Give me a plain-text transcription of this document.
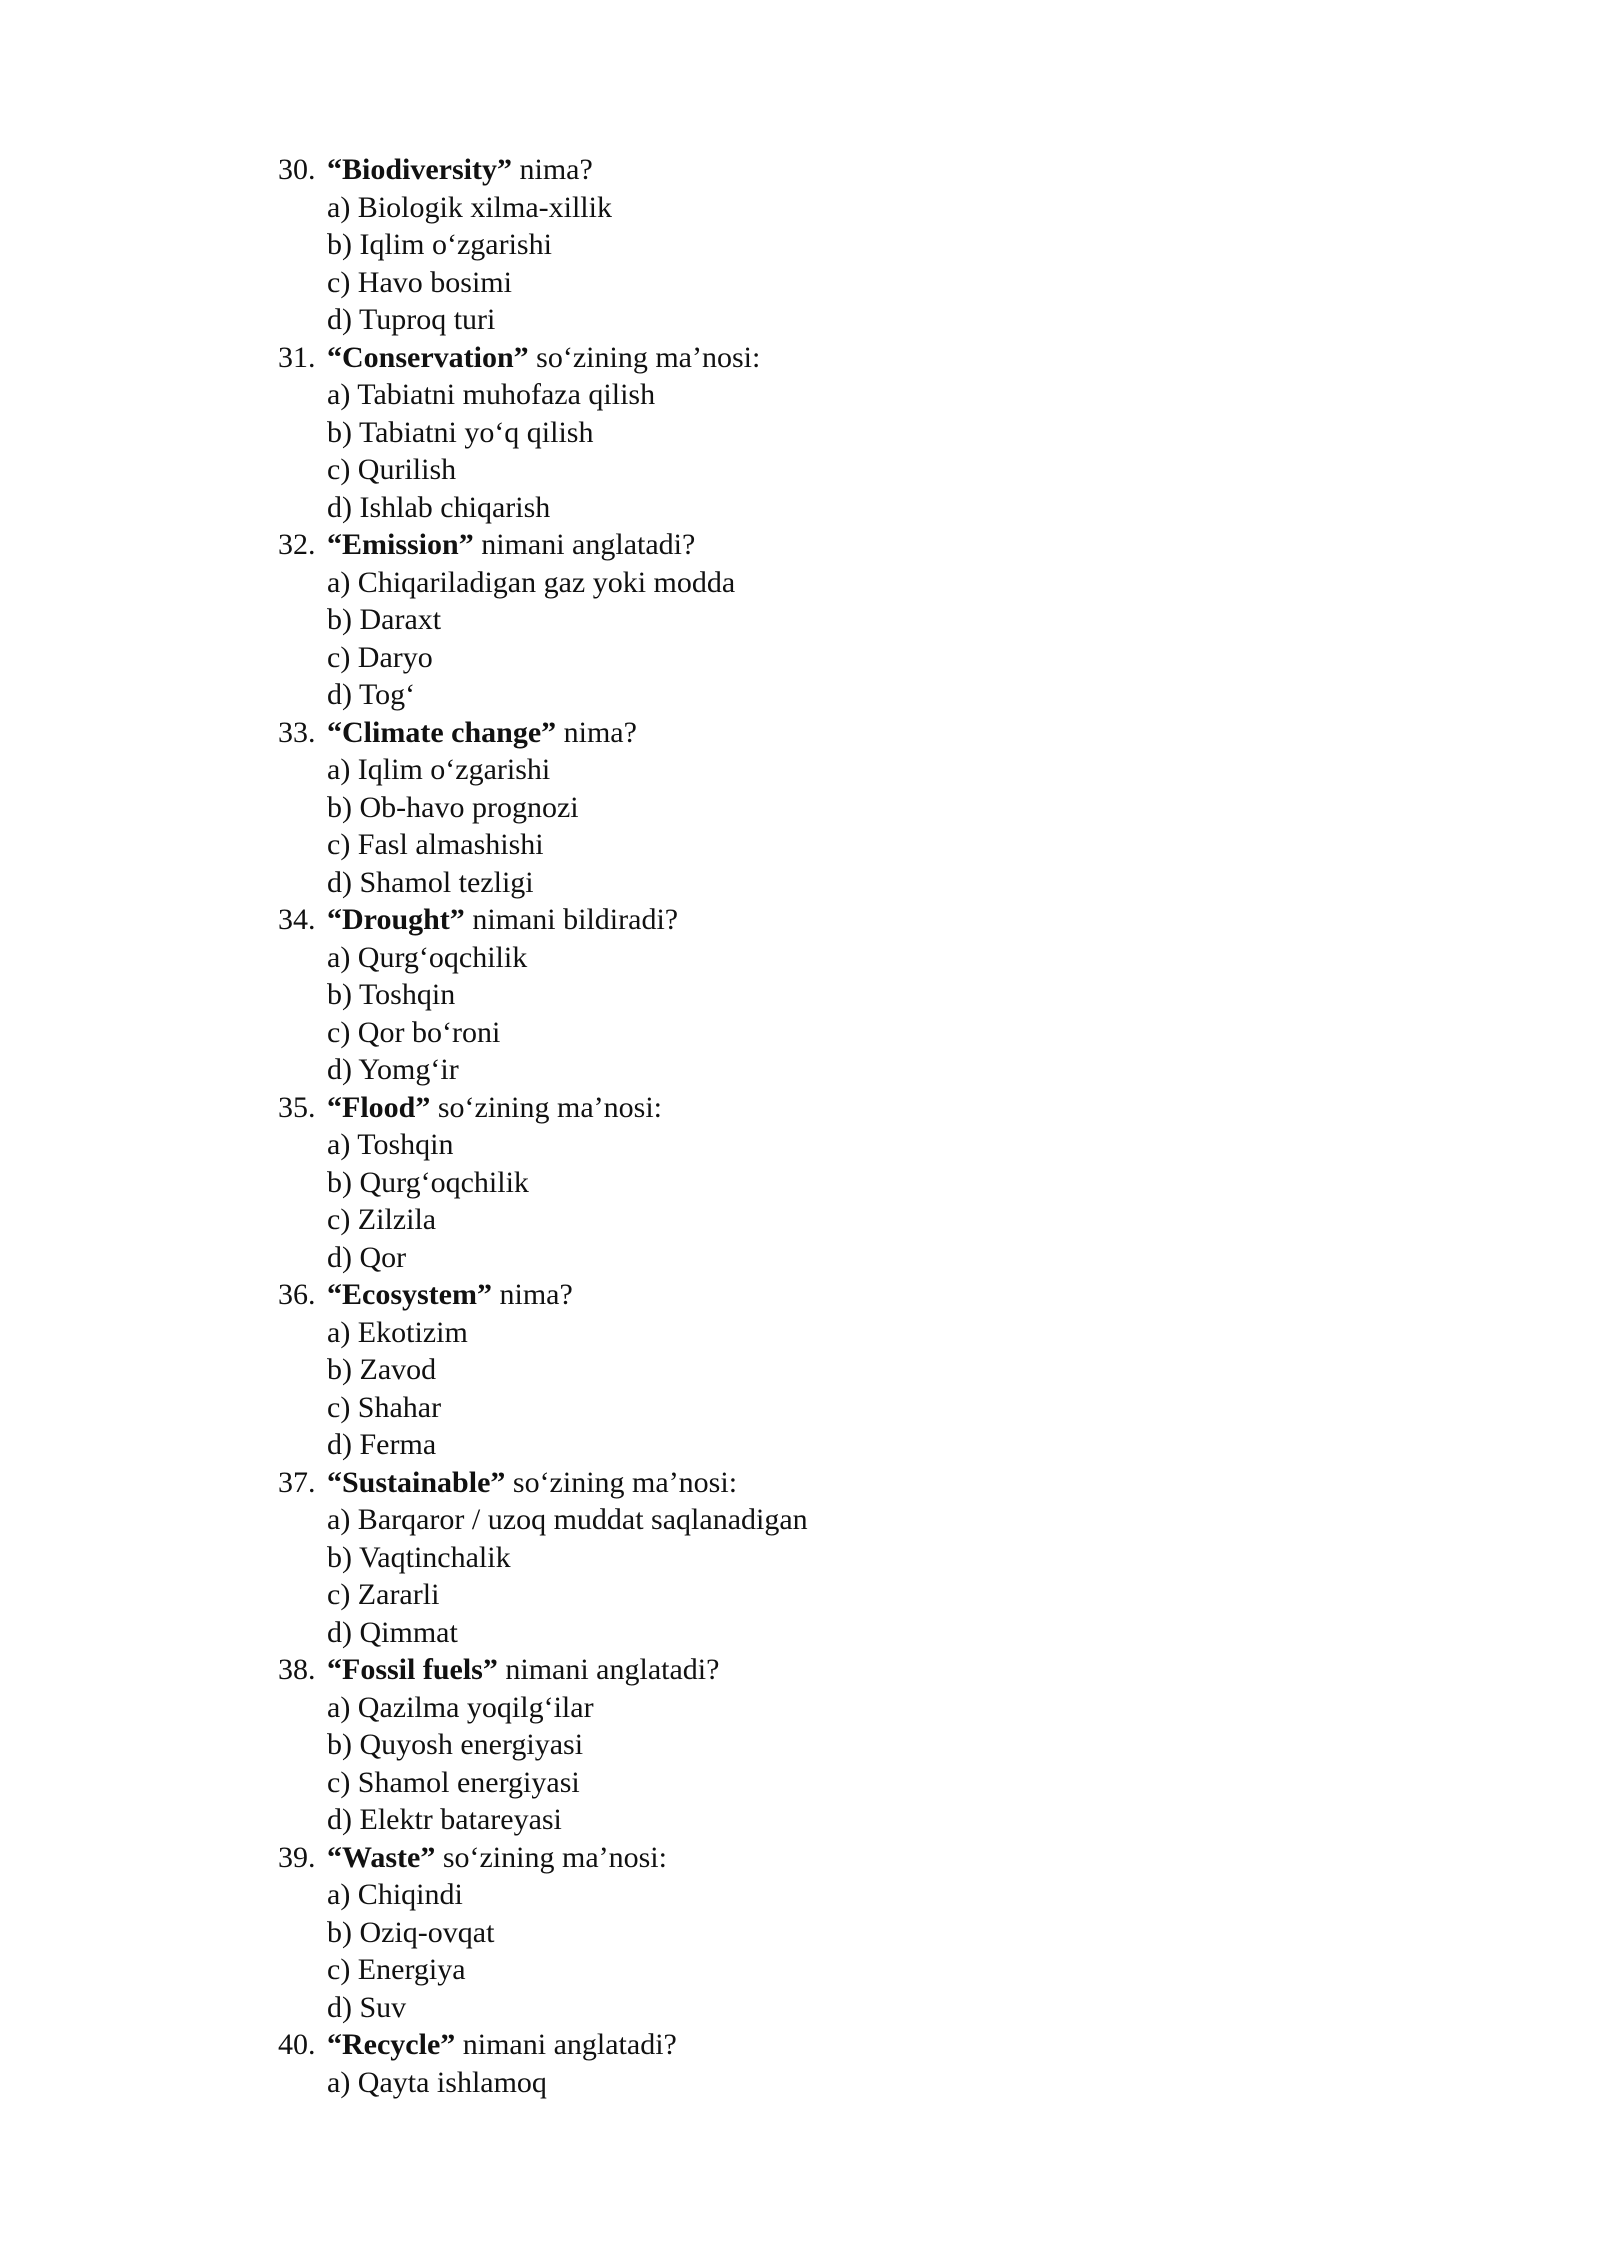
30. “Biodiversity” nima?
a) Biologik xilma-xillik
b) Iqlim o‘zgarishi
c) Havo bosimi
d) Tuproq turi
31. “Conservation” so‘zining ma’nosi:
a) Tabiatni muhofaza qilish
b) Tabiatni yo‘q qilish
c) Qurilish
d) Ishlab chiqarish
32. “Emission” nimani anglatadi?
a) Chiqariladigan gaz yoki modda
b) Daraxt
c) Daryo
d) Tog‘
33. “Climate change” nima?
a) Iqlim o‘zgarishi
b) Ob-havo prognozi
c) Fasl almashishi
d) Shamol tezligi
34. “Drought” nimani bildiradi?
a) Qurg‘oqchilik
b) Toshqin
c) Qor bo‘roni
d) Yomg‘ir
35. “Flood” so‘zining ma’nosi:
a) Toshqin
b) Qurg‘oqchilik
c) Zilzila
d) Qor
36. “Ecosystem” nima?
a) Ekotizim
b) Zavod
c) Shahar
d) Ferma
37. “Sustainable” so‘zining ma’nosi:
a) Barqaror / uzoq muddat saqlanadigan
b) Vaqtinchalik
c) Zararli
d) Qimmat
38. “Fossil fuels” nimani anglatadi?
a) Qazilma yoqilg‘ilar
b) Quyosh energiyasi
c) Shamol energiyasi
d) Elektr batareyasi
39. “Waste” so‘zining ma’nosi:
a) Chiqindi
b) Oziq-ovqat
c) Energiya
d) Suv
40. “Recycle” nimani anglatadi?
a) Qayta ishlamoq
